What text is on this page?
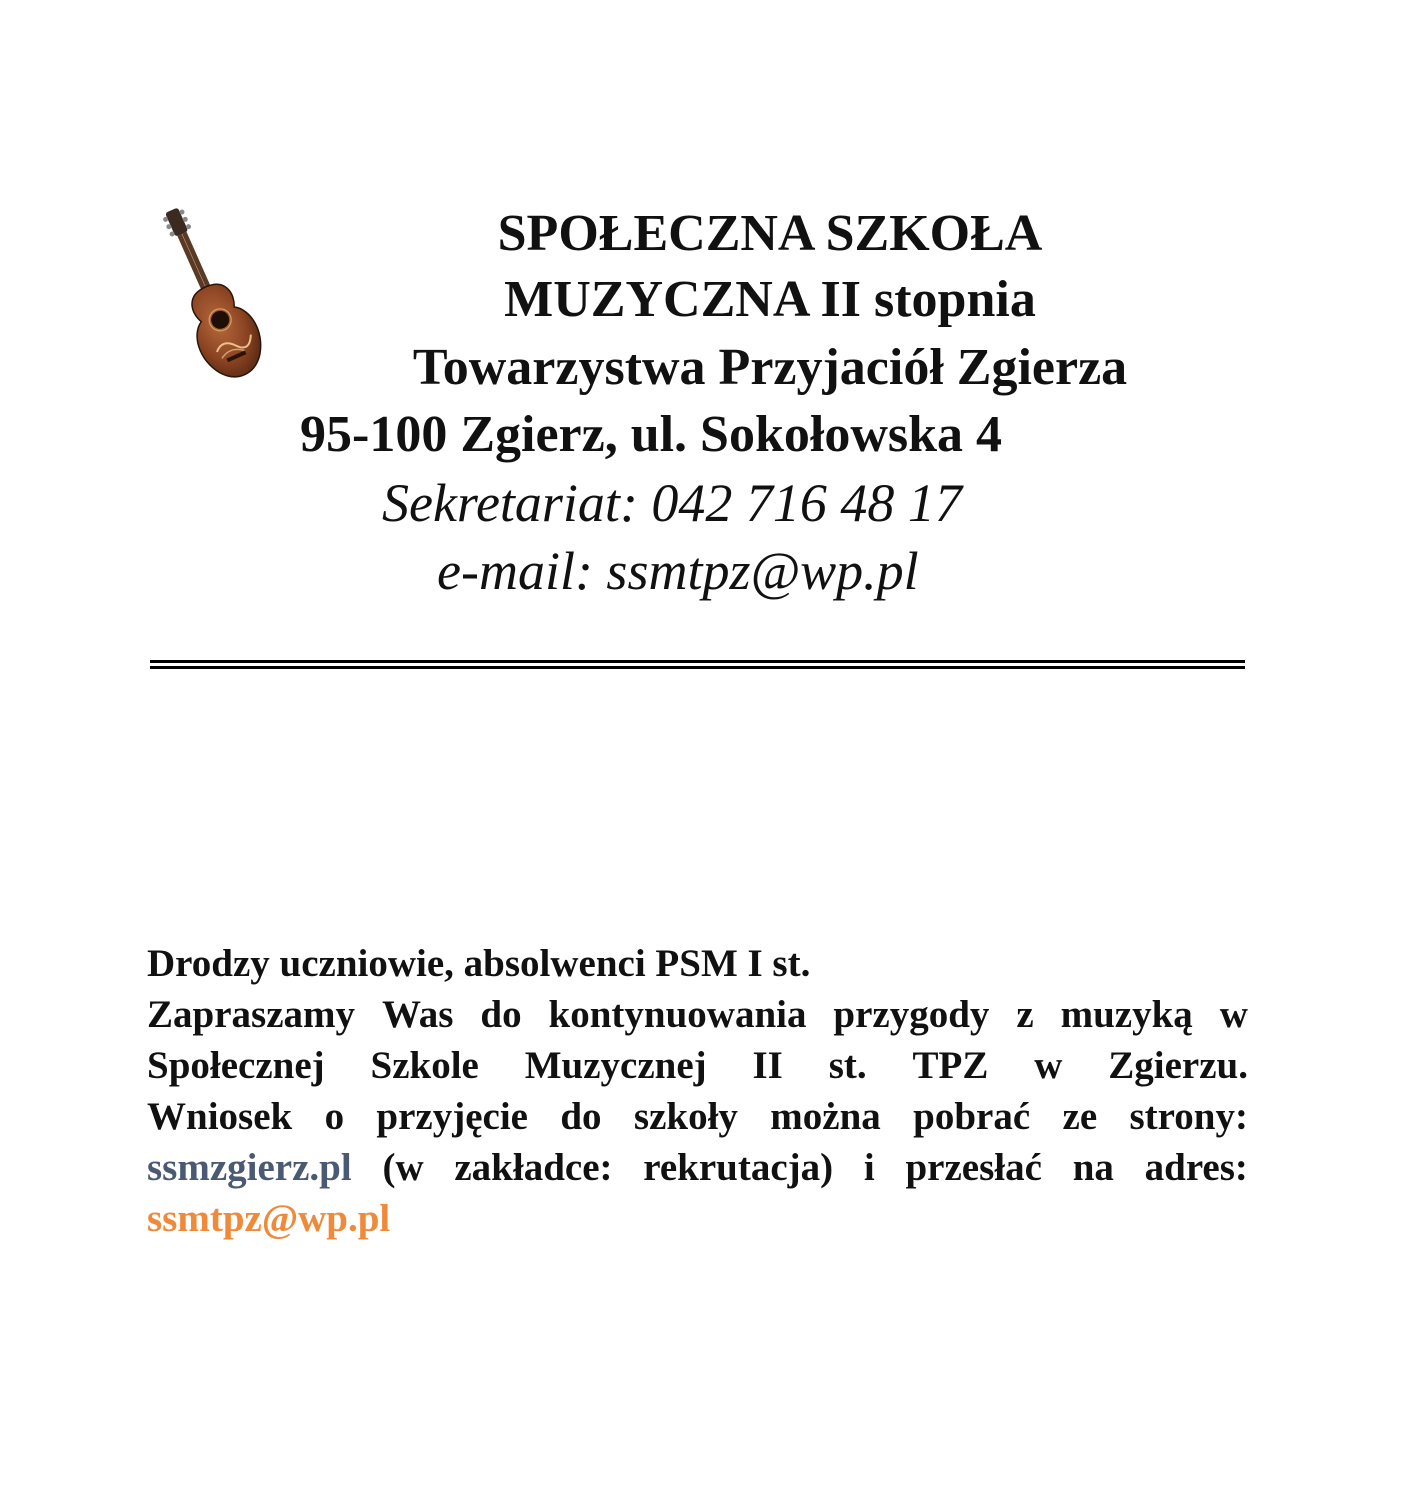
SPOŁECZNA SZKOŁA
MUZYCZNA II stopnia
Towarzystwa Przyjaciół Zgierza
95-100 Zgierz, ul. Sokołowska 4
Sekretariat: 042 716 48 17
e-mail: ssmtpz@wp.pl
Drodzy uczniowie, absolwenci PSM I st.
Zapraszamy Was do kontynuowania przygody z muzyką w
Społecznej Szkole Muzycznej II st. TPZ w Zgierzu.
Wniosek o przyjęcie do szkoły można pobrać ze strony:
ssmzgierz.pl (w zakładce: rekrutacja) i przesłać na adres:
ssmtpz@wp.pl
